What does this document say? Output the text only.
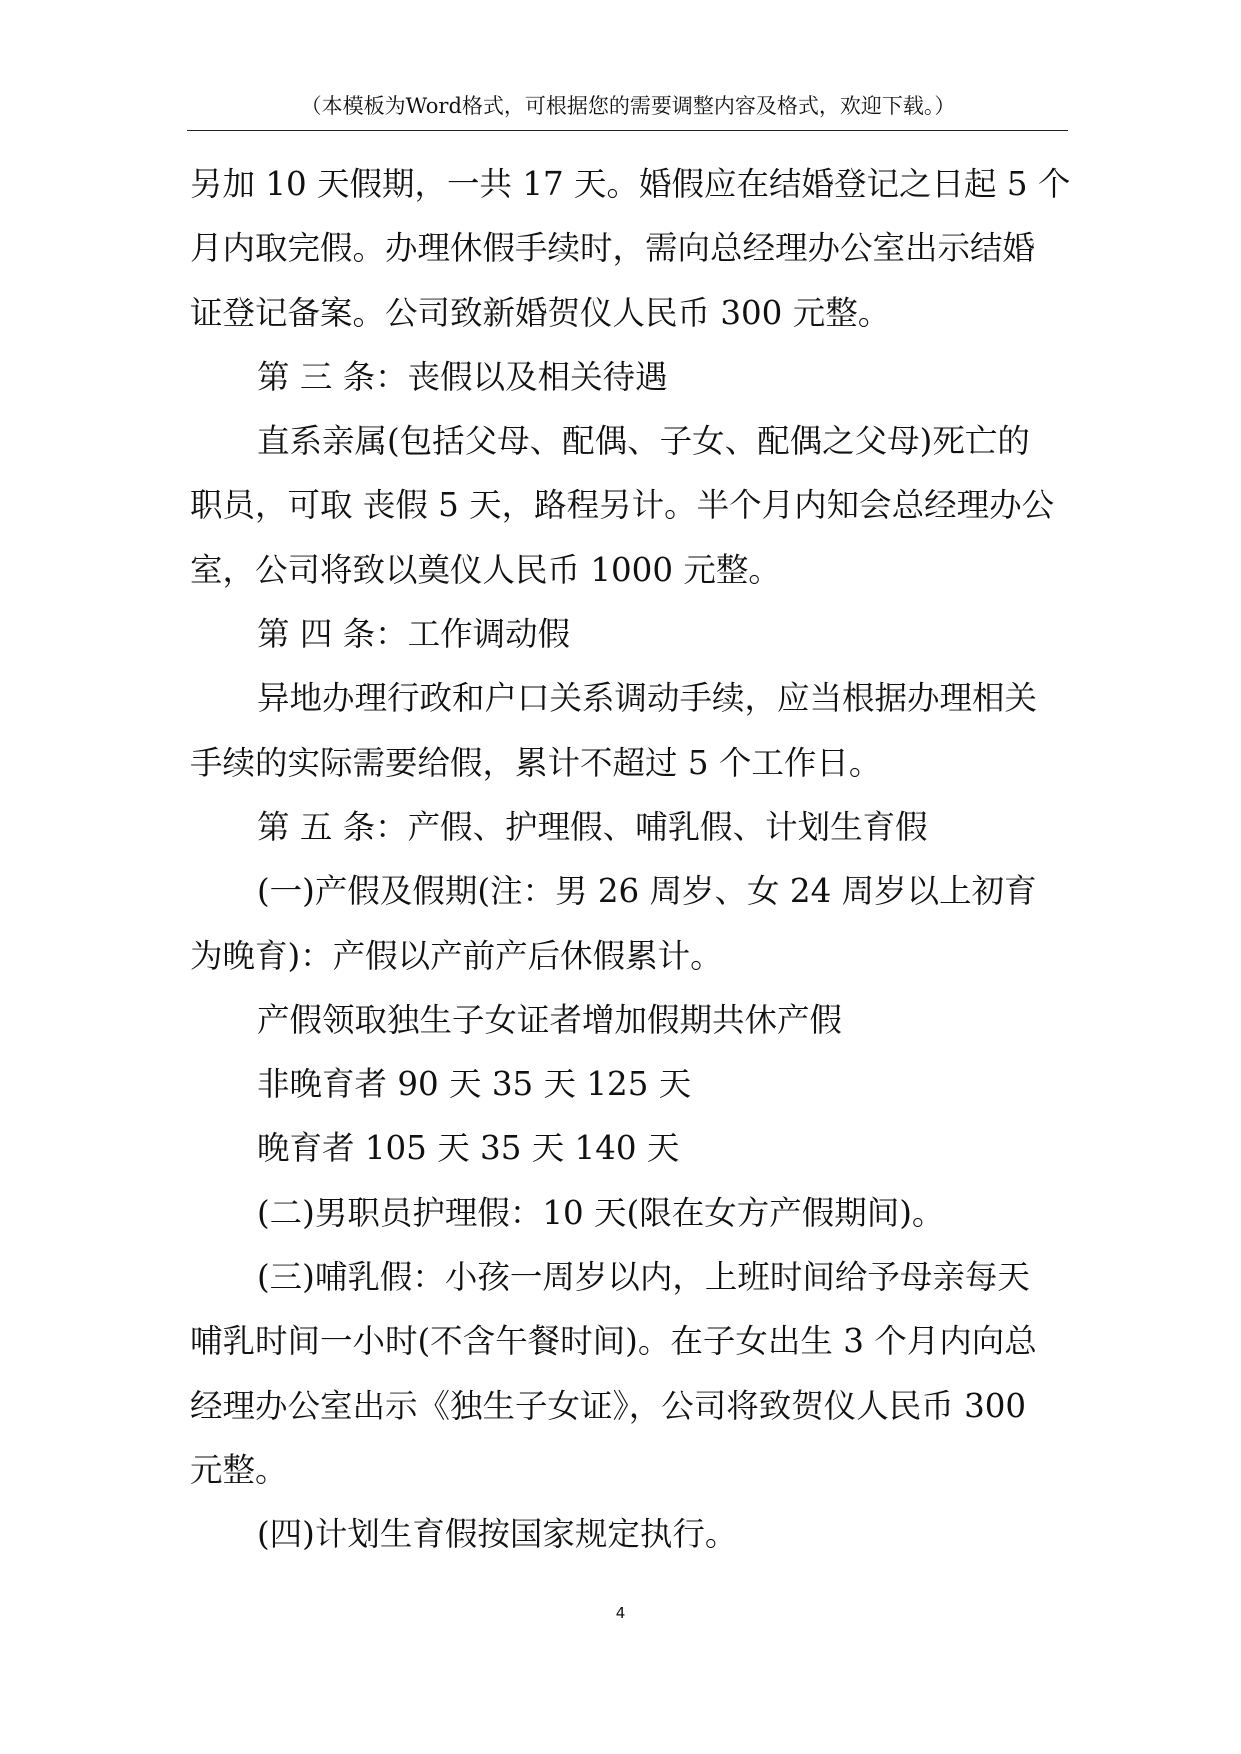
（本模板为Word格式，可根据您的需要调整内容及格式，欢迎下载。）
另加 10 天假期，一共 17 天。婚假应在结婚登记之日起 5 个
月内取完假。办理休假手续时，需向总经理办公室出示结婚
证登记备案。公司致新婚贺仪人民币 300 元整。
第 三 条：丧假以及相关待遇
直系亲属(包括父母、配偶、子女、配偶之父母)死亡的
职员，可取 丧假 5 天，路程另计。半个月内知会总经理办公
室，公司将致以奠仪人民币 1000 元整。
第 四 条：工作调动假
异地办理行政和户口关系调动手续，应当根据办理相关
手续的实际需要给假，累计不超过 5 个工作日。
第 五 条：产假、护理假、哺乳假、计划生育假
(一)产假及假期(注：男 26 周岁、女 24 周岁以上初育
为晚育)：产假以产前产后休假累计。
产假领取独生子女证者增加假期共休产假
非晚育者 90 天 35 天 125 天
晚育者 105 天 35 天 140 天
(二)男职员护理假：10 天(限在女方产假期间)。
(三)哺乳假：小孩一周岁以内，上班时间给予母亲每天
哺乳时间一小时(不含午餐时间)。在子女出生 3 个月内向总
经理办公室出示《独生子女证》，公司将致贺仪人民币 300
元整。
(四)计划生育假按国家规定执行。
4
